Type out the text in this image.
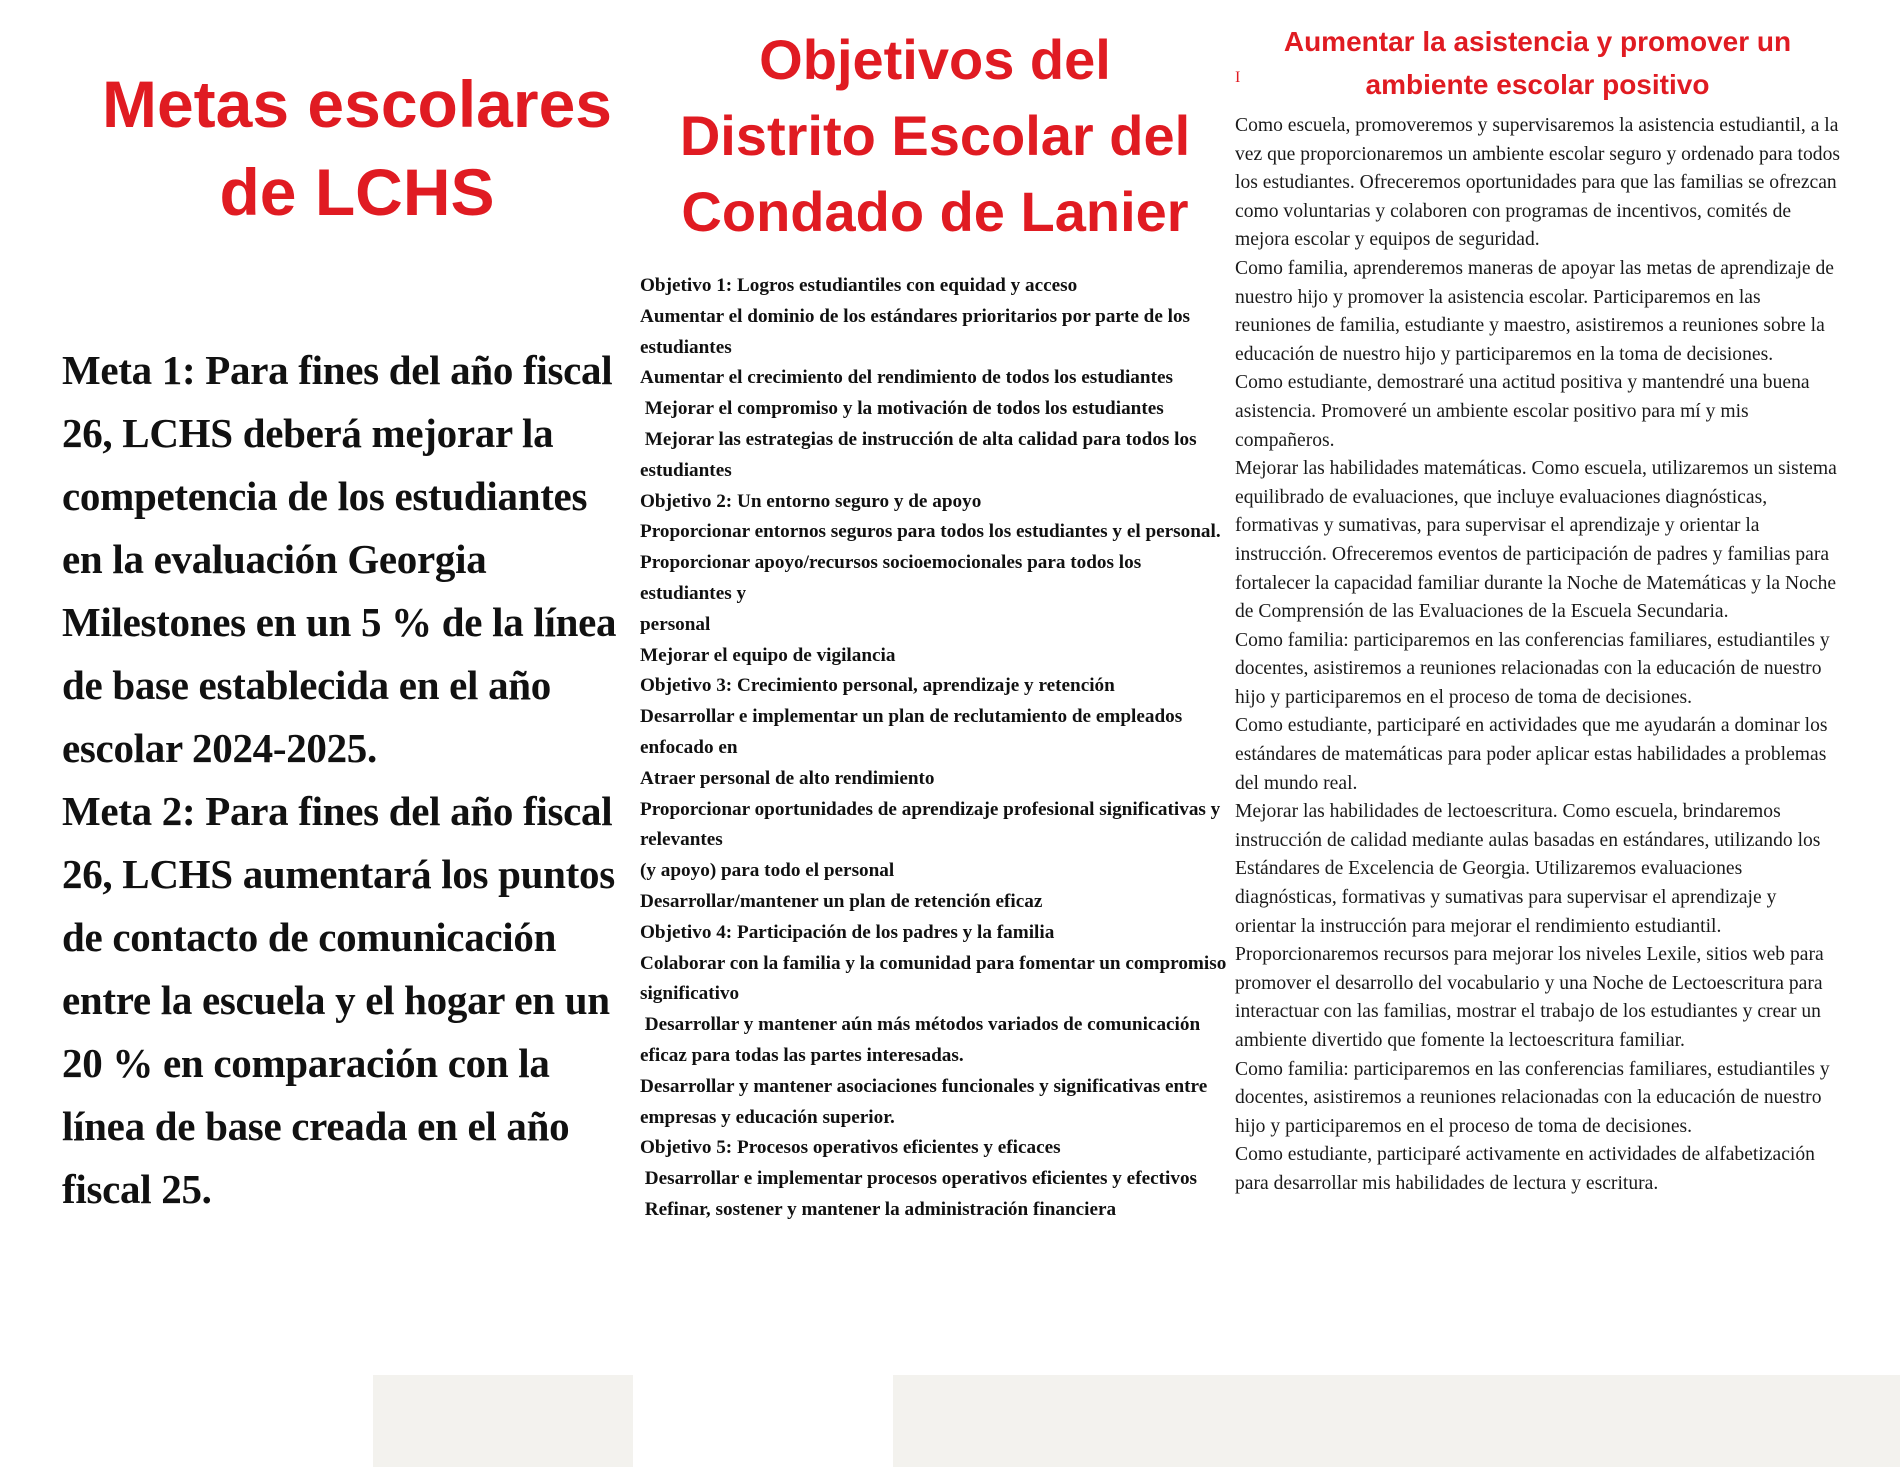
Metas escolares
de LCHS

Meta 1: Para fines del año fiscal 26, LCHS deberá mejorar la competencia de los estudiantes en la evaluación Georgia Milestones en un 5 % de la línea de base establecida en el año escolar 2024-2025.

Meta 2: Para fines del año fiscal 26, LCHS aumentará los puntos de contacto de comunicación entre la escuela y el hogar en un 20 % en comparación con la línea de base creada en el año fiscal 25.

Objetivos del
Distrito Escolar del
Condado de Lanier
Objetivo 1: Logros estudiantiles con equidad y acceso
Aumentar el dominio de los estándares prioritarios por parte de los estudiantes
Aumentar el crecimiento del rendimiento de todos los estudiantes
Mejorar el compromiso y la motivación de todos los estudiantes
Mejorar las estrategias de instrucción de alta calidad para todos los estudiantes
Objetivo 2: Un entorno seguro y de apoyo
Proporcionar entornos seguros para todos los estudiantes y el personal.
Proporcionar apoyo/recursos socioemocionales para todos los estudiantes y
personal
Mejorar el equipo de vigilancia
Objetivo 3: Crecimiento personal, aprendizaje y retención
Desarrollar e implementar un plan de reclutamiento de empleados enfocado en
Atraer personal de alto rendimiento
Proporcionar oportunidades de aprendizaje profesional significativas y relevantes
(y apoyo) para todo el personal
Desarrollar/mantener un plan de retención eficaz
Objetivo 4: Participación de los padres y la familia
Colaborar con la familia y la comunidad para fomentar un compromiso significativo
Desarrollar y mantener aún más métodos variados de comunicación eficaz para todas las partes interesadas.
Desarrollar y mantener asociaciones funcionales y significativas entre empresas y educación superior.
Objetivo 5: Procesos operativos eficientes y eficaces
Desarrollar e implementar procesos operativos eficientes y efectivos
Refinar, sostener y mantener la administración financiera
Aumentar la asistencia y promover un
ambiente escolar positivo
I
Como escuela, promoveremos y supervisaremos la asistencia estudiantil, a la vez que proporcionaremos un ambiente escolar seguro y ordenado para todos los estudiantes. Ofreceremos oportunidades para que las familias se ofrezcan como voluntarias y colaboren con programas de incentivos, comités de mejora escolar y equipos de seguridad.
Como familia, aprenderemos maneras de apoyar las metas de aprendizaje de nuestro hijo y promover la asistencia escolar. Participaremos en las reuniones de familia, estudiante y maestro, asistiremos a reuniones sobre la educación de nuestro hijo y participaremos en la toma de decisiones.
Como estudiante, demostraré una actitud positiva y mantendré una buena asistencia. Promoveré un ambiente escolar positivo para mí y mis compañeros.
Mejorar las habilidades matemáticas. Como escuela, utilizaremos un sistema equilibrado de evaluaciones, que incluye evaluaciones diagnósticas, formativas y sumativas, para supervisar el aprendizaje y orientar la instrucción. Ofreceremos eventos de participación de padres y familias para fortalecer la capacidad familiar durante la Noche de Matemáticas y la Noche de Comprensión de las Evaluaciones de la Escuela Secundaria.
Como familia: participaremos en las conferencias familiares, estudiantiles y docentes, asistiremos a reuniones relacionadas con la educación de nuestro hijo y participaremos en el proceso de toma de decisiones.
Como estudiante, participaré en actividades que me ayudarán a dominar los estándares de matemáticas para poder aplicar estas habilidades a problemas del mundo real.
Mejorar las habilidades de lectoescritura. Como escuela, brindaremos instrucción de calidad mediante aulas basadas en estándares, utilizando los Estándares de Excelencia de Georgia. Utilizaremos evaluaciones diagnósticas, formativas y sumativas para supervisar el aprendizaje y orientar la instrucción para mejorar el rendimiento estudiantil. Proporcionaremos recursos para mejorar los niveles Lexile, sitios web para promover el desarrollo del vocabulario y una Noche de Lectoescritura para interactuar con las familias, mostrar el trabajo de los estudiantes y crear un ambiente divertido que fomente la lectoescritura familiar.
Como familia: participaremos en las conferencias familiares, estudiantiles y docentes, asistiremos a reuniones relacionadas con la educación de nuestro hijo y participaremos en el proceso de toma de decisiones.
Como estudiante, participaré activamente en actividades de alfabetización para desarrollar mis habilidades de lectura y escritura.
